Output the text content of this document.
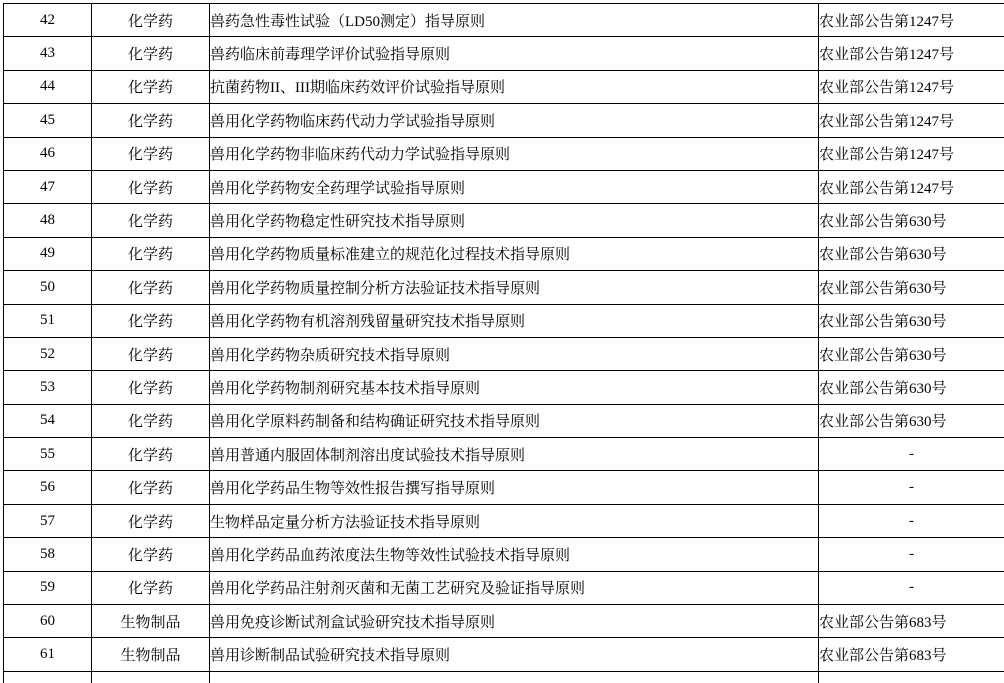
42	化学药	兽药急性毒性试验（LD50测定）指导原则	农业部公告第1247号
43	化学药	兽药临床前毒理学评价试验指导原则	农业部公告第1247号
44	化学药	抗菌药物II、III期临床药效评价试验指导原则	农业部公告第1247号
45	化学药	兽用化学药物临床药代动力学试验指导原则	农业部公告第1247号
46	化学药	兽用化学药物非临床药代动力学试验指导原则	农业部公告第1247号
47	化学药	兽用化学药物安全药理学试验指导原则	农业部公告第1247号
48	化学药	兽用化学药物稳定性研究技术指导原则	农业部公告第630号
49	化学药	兽用化学药物质量标准建立的规范化过程技术指导原则	农业部公告第630号
50	化学药	兽用化学药物质量控制分析方法验证技术指导原则	农业部公告第630号
51	化学药	兽用化学药物有机溶剂残留量研究技术指导原则	农业部公告第630号
52	化学药	兽用化学药物杂质研究技术指导原则	农业部公告第630号
53	化学药	兽用化学药物制剂研究基本技术指导原则	农业部公告第630号
54	化学药	兽用化学原料药制备和结构确证研究技术指导原则	农业部公告第630号
55	化学药	兽用普通内服固体制剂溶出度试验技术指导原则	-
56	化学药	兽用化学药品生物等效性报告撰写指导原则	-
57	化学药	生物样品定量分析方法验证技术指导原则	-
58	化学药	兽用化学药品血药浓度法生物等效性试验技术指导原则	-
59	化学药	兽用化学药品注射剂灭菌和无菌工艺研究及验证指导原则	-
60	生物制品	兽用免疫诊断试剂盒试验研究技术指导原则	农业部公告第683号
61	生物制品	兽用诊断制品试验研究技术指导原则	农业部公告第683号
